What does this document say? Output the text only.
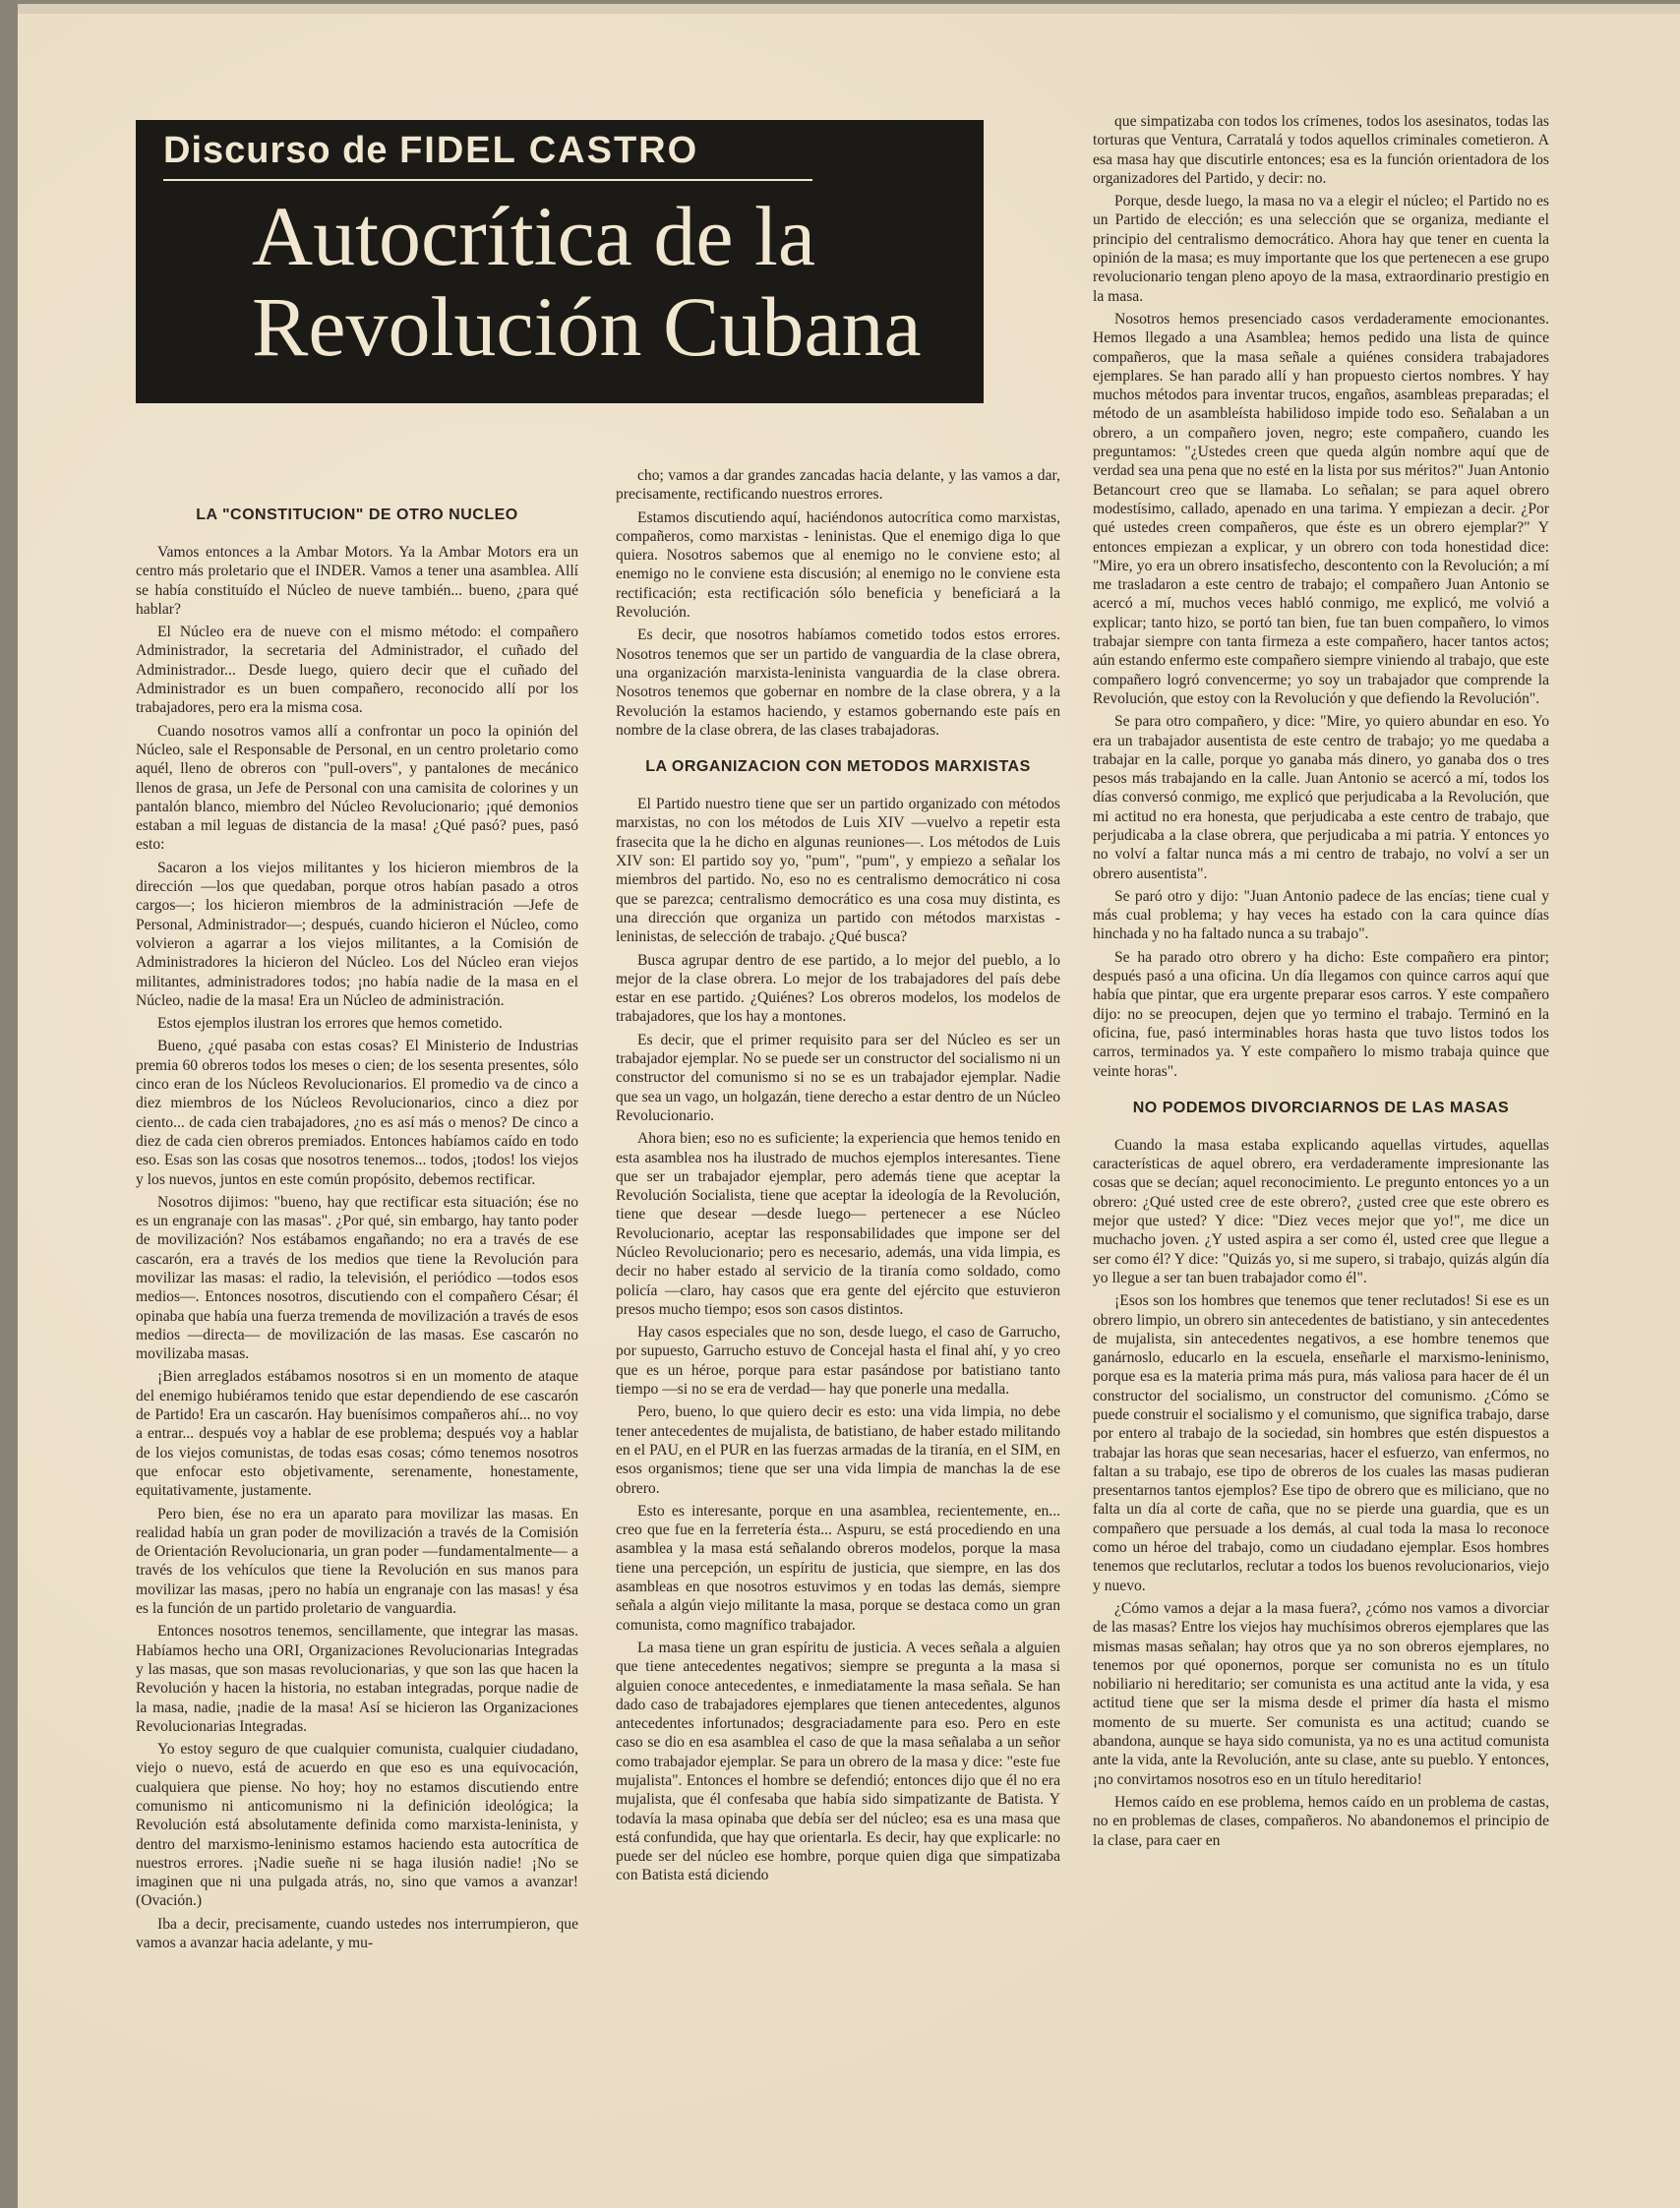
Discurso de FIDEL CASTRO
Autocrítica de la
Revolución Cubana
LA "CONSTITUCION" DE OTRO NUCLEO

Vamos entonces a la Ambar Motors. Ya la Ambar Motors era un centro más proletario que el INDER. Vamos a tener una asamblea. Allí se había constituído el Núcleo de nueve también... bueno, ¿para qué hablar?

El Núcleo era de nueve con el mismo método: el compañero Administrador, la secretaria del Administrador, el cuñado del Administrador... Desde luego, quiero decir que el cuñado del Administrador es un buen compañero, reconocido allí por los trabajadores, pero era la misma cosa.

Cuando nosotros vamos allí a confrontar un poco la opinión del Núcleo, sale el Responsable de Personal, en un centro proletario como aquél, lleno de obreros con "pull-overs", y pantalones de mecánico llenos de grasa, un Jefe de Personal con una camisita de colorines y un pantalón blanco, miembro del Núcleo Revolucionario; ¡qué demonios estaban a mil leguas de distancia de la masa! ¿Qué pasó? pues, pasó esto:

Sacaron a los viejos militantes y los hicieron miembros de la dirección —los que quedaban, porque otros habían pasado a otros cargos—; los hicieron miembros de la administración —Jefe de Personal, Administrador—; después, cuando hicieron el Núcleo, como volvieron a agarrar a los viejos militantes, a la Comisión de Administradores la hicieron del Núcleo. Los del Núcleo eran viejos militantes, administradores todos; ¡no había nadie de la masa en el Núcleo, nadie de la masa! Era un Núcleo de administración.

Estos ejemplos ilustran los errores que hemos cometido.

Bueno, ¿qué pasaba con estas cosas? El Ministerio de Industrias premia 60 obreros todos los meses o cien; de los sesenta presentes, sólo cinco eran de los Núcleos Revolucionarios. El promedio va de cinco a diez miembros de los Núcleos Revolucionarios, cinco a diez por ciento... de cada cien trabajadores, ¿no es así más o menos? De cinco a diez de cada cien obreros premiados. Entonces habíamos caído en todo eso. Esas son las cosas que nosotros tenemos... todos, ¡todos! los viejos y los nuevos, juntos en este común propósito, debemos rectificar.

Nosotros dijimos: "bueno, hay que rectificar esta situación; ése no es un engranaje con las masas". ¿Por qué, sin embargo, hay tanto poder de movilización? Nos estábamos engañando; no era a través de ese cascarón, era a través de los medios que tiene la Revolución para movilizar las masas: el radio, la televisión, el periódico —todos esos medios—. Entonces nosotros, discutiendo con el compañero César; él opinaba que había una fuerza tremenda de movilización a través de esos medios —directa— de movilización de las masas. Ese cascarón no movilizaba masas.

¡Bien arreglados estábamos nosotros si en un momento de ataque del enemigo hubiéramos tenido que estar dependiendo de ese cascarón de Partido! Era un cascarón. Hay buenísimos compañeros ahí... no voy a entrar... después voy a hablar de ese problema; después voy a hablar de los viejos comunistas, de todas esas cosas; cómo tenemos nosotros que enfocar esto objetivamente, serenamente, honestamente, equitativamente, justamente.

Pero bien, ése no era un aparato para movilizar las masas. En realidad había un gran poder de movilización a través de la Comisión de Orientación Revolucionaria, un gran poder —fundamentalmente— a través de los vehículos que tiene la Revolución en sus manos para movilizar las masas, ¡pero no había un engranaje con las masas! y ésa es la función de un partido proletario de vanguardia.

Entonces nosotros tenemos, sencillamente, que integrar las masas. Habíamos hecho una ORI, Organizaciones Revolucionarias Integradas y las masas, que son masas revolucionarias, y que son las que hacen la Revolución y hacen la historia, no estaban integradas, porque nadie de la masa, nadie, ¡nadie de la masa! Así se hicieron las Organizaciones Revolucionarias Integradas.

Yo estoy seguro de que cualquier comunista, cualquier ciudadano, viejo o nuevo, está de acuerdo en que eso es una equivocación, cualquiera que piense. No hoy; hoy no estamos discutiendo entre comunismo ni anticomunismo ni la definición ideológica; la Revolución está absolutamente definida como marxista-leninista, y dentro del marxismo-leninismo estamos haciendo esta autocrítica de nuestros errores. ¡Nadie sueñe ni se haga ilusión nadie! ¡No se imaginen que ni una pulgada atrás, no, sino que vamos a avanzar! (Ovación.)

Iba a decir, precisamente, cuando ustedes nos interrumpieron, que vamos a avanzar hacia adelante, y mu-

cho; vamos a dar grandes zancadas hacia delante, y las vamos a dar, precisamente, rectificando nuestros errores.

Estamos discutiendo aquí, haciéndonos autocrítica como marxistas, compañeros, como marxistas - leninistas. Que el enemigo diga lo que quiera. Nosotros sabemos que al enemigo no le conviene esto; al enemigo no le conviene esta discusión; al enemigo no le conviene esta rectificación; esta rectificación sólo beneficia y beneficiará a la Revolución.

Es decir, que nosotros habíamos cometido todos estos errores. Nosotros tenemos que ser un partido de vanguardia de la clase obrera, una organización marxista-leninista vanguardia de la clase obrera. Nosotros tenemos que gobernar en nombre de la clase obrera, y a la Revolución la estamos haciendo, y estamos gobernando este país en nombre de la clase obrera, de las clases trabajadoras.

LA ORGANIZACION CON METODOS MARXISTAS

El Partido nuestro tiene que ser un partido organizado con métodos marxistas, no con los métodos de Luis XIV —vuelvo a repetir esta frasecita que la he dicho en algunas reuniones—. Los métodos de Luis XIV son: El partido soy yo, "pum", "pum", y empiezo a señalar los miembros del partido. No, eso no es centralismo democrático ni cosa que se parezca; centralismo democrático es una cosa muy distinta, es una dirección que organiza un partido con métodos marxistas - leninistas, de selección de trabajo. ¿Qué busca?

Busca agrupar dentro de ese partido, a lo mejor del pueblo, a lo mejor de la clase obrera. Lo mejor de los trabajadores del país debe estar en ese partido. ¿Quiénes? Los obreros modelos, los modelos de trabajadores, que los hay a montones.

Es decir, que el primer requisito para ser del Núcleo es ser un trabajador ejemplar. No se puede ser un constructor del socialismo ni un constructor del comunismo si no se es un trabajador ejemplar. Nadie que sea un vago, un holgazán, tiene derecho a estar dentro de un Núcleo Revolucionario.

Ahora bien; eso no es suficiente; la experiencia que hemos tenido en esta asamblea nos ha ilustrado de muchos ejemplos interesantes. Tiene que ser un trabajador ejemplar, pero además tiene que aceptar la Revolución Socialista, tiene que aceptar la ideología de la Revolución, tiene que desear —desde luego— pertenecer a ese Núcleo Revolucionario, aceptar las responsabilidades que impone ser del Núcleo Revolucionario; pero es necesario, además, una vida limpia, es decir no haber estado al servicio de la tiranía como soldado, como policía —claro, hay casos que era gente del ejército que estuvieron presos mucho tiempo; esos son casos distintos.

Hay casos especiales que no son, desde luego, el caso de Garrucho, por supuesto, Garrucho estuvo de Concejal hasta el final ahí, y yo creo que es un héroe, porque para estar pasándose por batistiano tanto tiempo —si no se era de verdad— hay que ponerle una medalla.

Pero, bueno, lo que quiero decir es esto: una vida limpia, no debe tener antecedentes de mujalista, de batistiano, de haber estado militando en el PAU, en el PUR en las fuerzas armadas de la tiranía, en el SIM, en esos organismos; tiene que ser una vida limpia de manchas la de ese obrero.

Esto es interesante, porque en una asamblea, recientemente, en... creo que fue en la ferretería ésta... Aspuru, se está procediendo en una asamblea y la masa está señalando obreros modelos, porque la masa tiene una percepción, un espíritu de justicia, que siempre, en las dos asambleas en que nosotros estuvimos y en todas las demás, siempre señala a algún viejo militante la masa, porque se destaca como un gran comunista, como magnífico trabajador.

La masa tiene un gran espíritu de justicia. A veces señala a alguien que tiene antecedentes negativos; siempre se pregunta a la masa si alguien conoce antecedentes, e inmediatamente la masa señala. Se han dado caso de trabajadores ejemplares que tienen antecedentes, algunos antecedentes infortunados; desgraciadamente para eso. Pero en este caso se dio en esa asamblea el caso de que la masa señalaba a un señor como trabajador ejemplar. Se para un obrero de la masa y dice: "este fue mujalista". Entonces el hombre se defendió; entonces dijo que él no era mujalista, que él confesaba que había sido simpatizante de Batista. Y todavía la masa opinaba que debía ser del núcleo; esa es una masa que está confundida, que hay que orientarla. Es decir, hay que explicarle: no puede ser del núcleo ese hombre, porque quien diga que simpatizaba con Batista está diciendo

que simpatizaba con todos los crímenes, todos los asesinatos, todas las torturas que Ventura, Carratalá y todos aquellos criminales cometieron. A esa masa hay que discutirle entonces; esa es la función orientadora de los organizadores del Partido, y decir: no.

Porque, desde luego, la masa no va a elegir el núcleo; el Partido no es un Partido de elección; es una selección que se organiza, mediante el principio del centralismo democrático. Ahora hay que tener en cuenta la opinión de la masa; es muy importante que los que pertenecen a ese grupo revolucionario tengan pleno apoyo de la masa, extraordinario prestigio en la masa.

Nosotros hemos presenciado casos verdaderamente emocionantes. Hemos llegado a una Asamblea; hemos pedido una lista de quince compañeros, que la masa señale a quiénes considera trabajadores ejemplares. Se han parado allí y han propuesto ciertos nombres. Y hay muchos métodos para inventar trucos, engaños, asambleas preparadas; el método de un asambleísta habilidoso impide todo eso. Señalaban a un obrero, a un compañero joven, negro; este compañero, cuando les preguntamos: "¿Ustedes creen que queda algún nombre aquí que de verdad sea una pena que no esté en la lista por sus méritos?" Juan Antonio Betancourt creo que se llamaba. Lo señalan; se para aquel obrero modestísimo, callado, apenado en una tarima. Y empiezan a decir. ¿Por qué ustedes creen compañeros, que éste es un obrero ejemplar?" Y entonces empiezan a explicar, y un obrero con toda honestidad dice: "Mire, yo era un obrero insatisfecho, descontento con la Revolución; a mí me trasladaron a este centro de trabajo; el compañero Juan Antonio se acercó a mí, muchos veces habló conmigo, me explicó, me volvió a explicar; tanto hizo, se portó tan bien, fue tan buen compañero, lo vimos trabajar siempre con tanta firmeza a este compañero, hacer tantos actos; aún estando enfermo este compañero siempre viniendo al trabajo, que este compañero logró convencerme; yo soy un trabajador que comprende la Revolución, que estoy con la Revolución y que defiendo la Revolución".

Se para otro compañero, y dice: "Mire, yo quiero abundar en eso. Yo era un trabajador ausentista de este centro de trabajo; yo me quedaba a trabajar en la calle, porque yo ganaba más dinero, yo ganaba dos o tres pesos más trabajando en la calle. Juan Antonio se acercó a mí, todos los días conversó conmigo, me explicó que perjudicaba a la Revolución, que mi actitud no era honesta, que perjudicaba a este centro de trabajo, que perjudicaba a la clase obrera, que perjudicaba a mi patria. Y entonces yo no volví a faltar nunca más a mi centro de trabajo, no volví a ser un obrero ausentista".

Se paró otro y dijo: "Juan Antonio padece de las encías; tiene cual y más cual problema; y hay veces ha estado con la cara quince días hinchada y no ha faltado nunca a su trabajo".

Se ha parado otro obrero y ha dicho: Este compañero era pintor; después pasó a una oficina. Un día llegamos con quince carros aquí que había que pintar, que era urgente preparar esos carros. Y este compañero dijo: no se preocupen, dejen que yo termino el trabajo. Terminó en la oficina, fue, pasó interminables horas hasta que tuvo listos todos los carros, terminados ya. Y este compañero lo mismo trabaja quince que veinte horas".

NO PODEMOS DIVORCIARNOS DE LAS MASAS

Cuando la masa estaba explicando aquellas virtudes, aquellas características de aquel obrero, era verdaderamente impresionante las cosas que se decían; aquel reconocimiento. Le pregunto entonces yo a un obrero: ¿Qué usted cree de este obrero?, ¿usted cree que este obrero es mejor que usted? Y dice: "Diez veces mejor que yo!", me dice un muchacho joven. ¿Y usted aspira a ser como él, usted cree que llegue a ser como él? Y dice: "Quizás yo, si me supero, si trabajo, quizás algún día yo llegue a ser tan buen trabajador como él".

¡Esos son los hombres que tenemos que tener reclutados! Si ese es un obrero limpio, un obrero sin antecedentes de batistiano, y sin antecedentes de mujalista, sin antecedentes negativos, a ese hombre tenemos que ganárnoslo, educarlo en la escuela, enseñarle el marxismo-leninismo, porque esa es la materia prima más pura, más valiosa para hacer de él un constructor del socialismo, un constructor del comunismo. ¿Cómo se puede construir el socialismo y el comunismo, que significa trabajo, darse por entero al trabajo de la sociedad, sin hombres que estén dispuestos a trabajar las horas que sean necesarias, hacer el esfuerzo, van enfermos, no faltan a su trabajo, ese tipo de obreros de los cuales las masas pudieran presentarnos tantos ejemplos? Ese tipo de obrero que es miliciano, que no falta un día al corte de caña, que no se pierde una guardia, que es un compañero que persuade a los demás, al cual toda la masa lo reconoce como un héroe del trabajo, como un ciudadano ejemplar. Esos hombres tenemos que reclutarlos, reclutar a todos los buenos revolucionarios, viejo y nuevo.

¿Cómo vamos a dejar a la masa fuera?, ¿cómo nos vamos a divorciar de las masas? Entre los viejos hay muchísimos obreros ejemplares que las mismas masas señalan; hay otros que ya no son obreros ejemplares, no tenemos por qué oponernos, porque ser comunista no es un título nobiliario ni hereditario; ser comunista es una actitud ante la vida, y esa actitud tiene que ser la misma desde el primer día hasta el mismo momento de su muerte. Ser comunista es una actitud; cuando se abandona, aunque se haya sido comunista, ya no es una actitud comunista ante la vida, ante la Revolución, ante su clase, ante su pueblo. Y entonces, ¡no convirtamos nosotros eso en un título hereditario!

Hemos caído en ese problema, hemos caído en un problema de castas, no en problemas de clases, compañeros. No abandonemos el principio de la clase, para caer en
